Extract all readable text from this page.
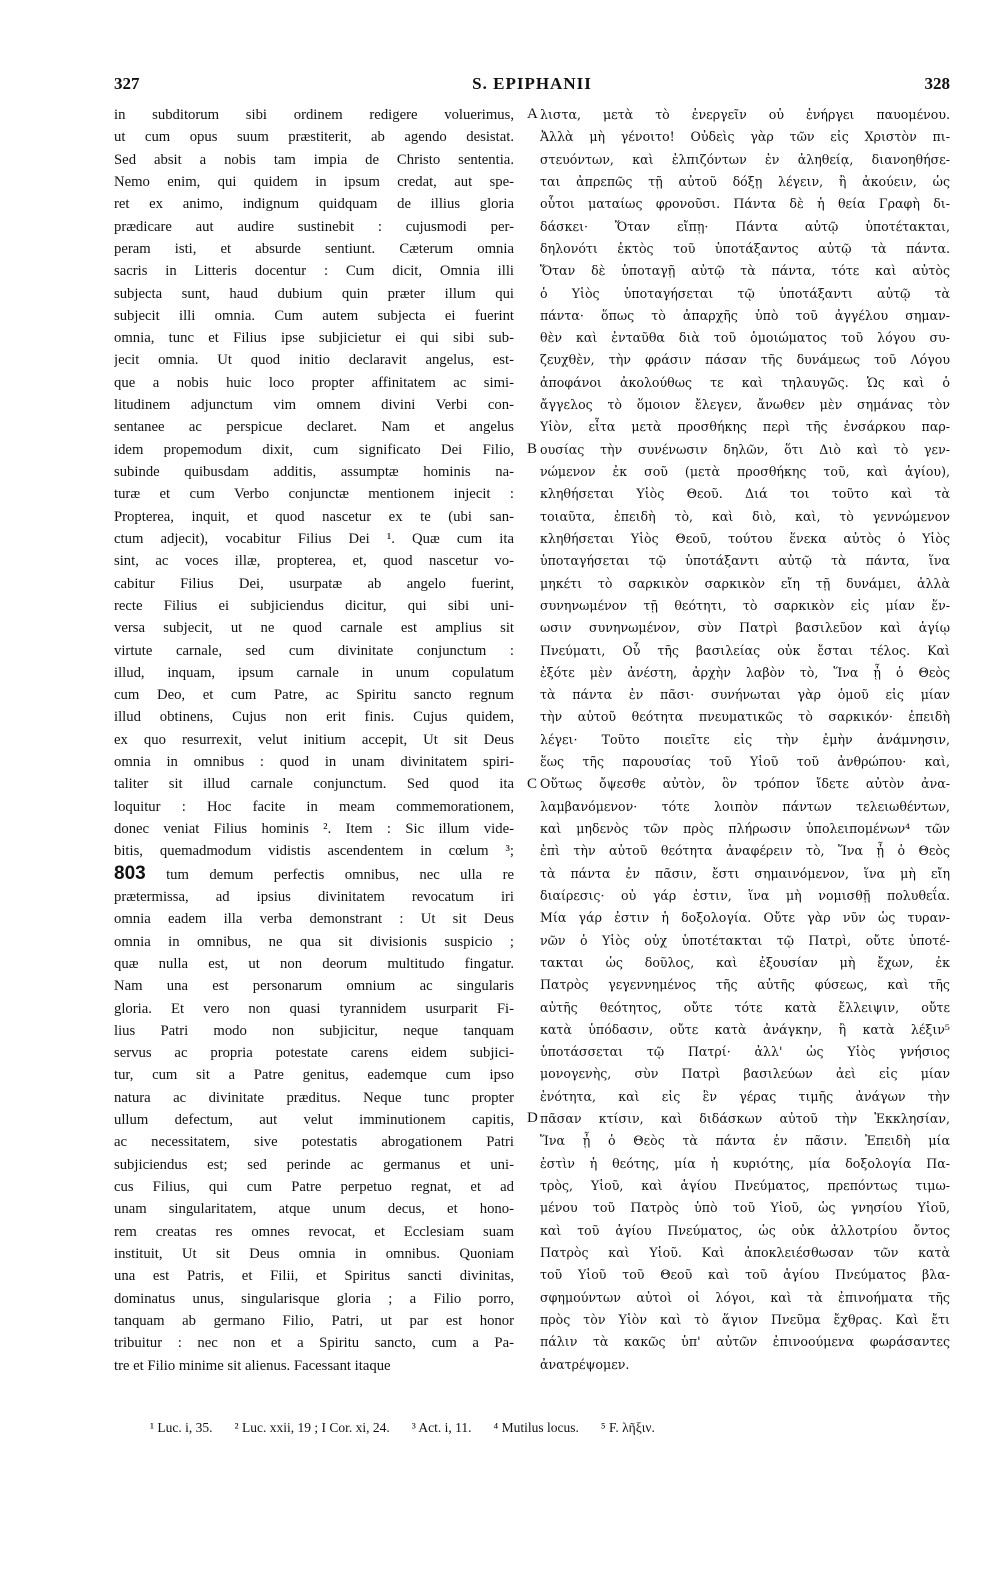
327	S. EPIPHANII	328
in subditorum sibi ordinem redigere voluerimus,
ut cum opus suum præstiterit, ab agendo desistat.
Sed absit a nobis tam impia de Christo sententia.
Nemo enim, qui quidem in ipsum credat, aut spe-
ret ex animo, indignum quidquam de illius gloria
prædicare aut audire sustinebit : cujusmodi per-
peram isti, et absurde sentiunt. Cæterum omnia
sacris in Litteris docentur : Cum dicit, Omnia illi
subjecta sunt, haud dubium quin præter illum qui
subjecit illi omnia. Cum autem subjecta ei fuerint
omnia, tunc et Filius ipse subjicietur ei qui sibi sub-
jecit omnia. Ut quod initio declaravit angelus, est-
que a nobis huic loco propter affinitatem ac simi-
litudinem adjunctum vim omnem divini Verbi con-
sentanee ac perspicue declaret. Nam et angelus
idem propemodum dixit, cum significato Dei Filio,
subinde quibusdam additis, assumptæ hominis na-
turæ et cum Verbo conjunctæ mentionem injecit :
Propterea, inquit, et quod nascetur ex te (ubi san-
ctum adjecit), vocabitur Filius Dei ¹. Quæ cum ita
sint, ac voces illæ, propterea, et, quod nascetur vo-
cabitur Filius Dei, usurpatæ ab angelo fuerint,
recte Filius ei subjiciendus dicitur, qui sibi uni-
versa subjecit, ut ne quod carnale est amplius sit
virtute carnale, sed cum divinitate conjunctum :
illud, inquam, ipsum carnale in unum copulatum
cum Deo, et cum Patre, ac Spiritu sancto regnum
illud obtinens, Cujus non erit finis. Cujus quidem,
ex quo resurrexit, velut initium accepit, Ut sit Deus
omnia in omnibus : quod in unam divinitatem spiri-
taliter sit illud carnale conjunctum. Sed quod ita
loquitur : Hoc facite in meam commemorationem,
donec veniat Filius hominis ². Item : Sic illum vide-
bitis, quemadmodum vidistis ascendentem in cœlum ³;
803 tum demum perfectis omnibus, nec ulla re
prætermissa, ad ipsius divinitatem revocatum iri
omnia eadem illa verba demonstrant : Ut sit Deus
omnia in omnibus, ne qua sit divisionis suspicio ;
quæ nulla est, ut non deorum multitudo fingatur.
Nam una est personarum omnium ac singularis
gloria. Et vero non quasi tyrannidem usurparit Fi-
lius Patri modo non subjicitur, neque tanquam
servus ac propria potestate carens eidem subjici-
tur, cum sit a Patre genitus, eademque cum ipso
natura ac divinitate præditus. Neque tunc propter
ullum defectum, aut velut imminutionem capitis,
ac necessitatem, sive potestatis abrogationem Patri
subjiciendus est; sed perinde ac germanus et uni-
cus Filius, qui cum Patre perpetuo regnat, et ad
unam singularitatem, atque unum decus, et hono-
rem creatas res omnes revocat, et Ecclesiam suam
instituit, Ut sit Deus omnia in omnibus. Quoniam
una est Patris, et Filii, et Spiritus sancti divinitas,
dominatus unus, singularisque gloria ; a Filio porro,
tanquam ab germano Filio, Patri, ut par est honor
tribuitur : nec non et a Spiritu sancto, cum a Pa-
tre et Filio minime sit alienus. Facessant itaque
λιστα, μετὰ τὸ ἐνεργεῖν οὐ ἐνήργει παυομένου.
Ἀλλὰ μὴ γένοιτο! Οὐδεὶς γὰρ τῶν εἰς Χριστὸν πι-
στευόντων, καὶ ἐλπιζόντων ἐν ἀληθείᾳ, διανοηθήσε-
ται ἀπρεπῶς τῇ αὐτοῦ δόξῃ λέγειν, ἢ ἀκούειν, ὡς
οὗτοι ματαίως φρονοῦσι. Πάντα δὲ ἡ θεία Γραφὴ δι-
δάσκει· Ὅταν εἴπῃ· Πάντα αὐτῷ ὑποτέτακται,
δηλονότι ἐκτὸς τοῦ ὑποτάξαντος αὐτῷ τὰ πάντα.
Ὅταν δὲ ὑποταγῇ αὐτῷ τὰ πάντα, τότε καὶ αὐτὸς
ὁ Υἱὸς ὑποταγήσεται τῷ ὑποτάξαντι αὐτῷ τὰ
πάντα· ὅπως τὸ ἀπαρχῆς ὑπὸ τοῦ ἀγγέλου σημαν-
θὲν καὶ ἐνταῦθα διὰ τοῦ ὁμοιώματος τοῦ λόγου συ-
ζευχθὲν, τὴν φράσιν πάσαν τῆς δυνάμεως τοῦ Λόγου
ἀποφάνοι ἀκολούθως τε καὶ τηλαυγῶς. Ὡς καὶ ὁ
ἄγγελος τὸ ὅμοιον ἔλεγεν, ἄνωθεν μὲν σημάνας τὸν
Υἱὸν, εἶτα μετὰ προσθήκης περὶ τῆς ἐνσάρκου παρ-
ουσίας τὴν συνένωσιν δηλῶν, ὅτι Διὸ καὶ τὸ γεν-
νώμενον ἐκ σοῦ (μετὰ προσθήκης τοῦ, καὶ ἁγίου),
κληθήσεται Υἱὸς Θεοῦ. Διά τοι τοῦτο καὶ τὰ
τοιαῦτα, ἐπειδὴ τὸ, καὶ διὸ, καὶ, τὸ γεννώμενον
κληθήσεται Υἱὸς Θεοῦ, τούτου ἕνεκα αὐτὸς ὁ Υἱὸς
ὑποταγήσεται τῷ ὑποτάξαντι αὐτῷ τὰ πάντα, ἵνα
μηκέτι τὸ σαρκικὸν σαρκικὸν εἴη τῇ δυνάμει, ἀλλὰ
συνηνωμένον τῇ θεότητι, τὸ σαρκικὸν εἰς μίαν ἕν-
ωσιν συνηνωμένον, σὺν Πατρὶ βασιλεῦον καὶ ἁγίῳ
Πνεύματι, Οὗ τῆς βασιλείας οὐκ ἔσται τέλος. Καὶ
ἐξότε μὲν ἀνέστη, ἀρχὴν λαβὸν τὸ, Ἵνα ᾖ ὁ Θεὸς
τὰ πάντα ἐν πᾶσι· συνήνωται γὰρ ὁμοῦ εἰς μίαν
τὴν αὐτοῦ θεότητα πνευματικῶς τὸ σαρκικόν· ἐπειδὴ
λέγει· Τοῦτο ποιεῖτε εἰς τὴν ἐμὴν ἀνάμνησιν,
ἕως τῆς παρουσίας τοῦ Υἱοῦ τοῦ ἀνθρώπου· καὶ,
Οὕτως ὄψεσθε αὐτὸν, ὃν τρόπον ἴδετε αὐτὸν ἀνα-
λαμβανόμενον· τότε λοιπὸν πάντων τελειωθέντων,
καὶ μηδενὸς τῶν πρὸς πλήρωσιν ὑπολειπομένων⁴ τῶν
ἐπὶ τὴν αὐτοῦ θεότητα ἀναφέρειν τὸ, Ἵνα ᾖ ὁ Θεὸς
τὰ πάντα ἐν πᾶσιν, ἔστι σημαινόμενον, ἵνα μὴ εἴη
διαίρεσις· οὐ γάρ ἐστιν, ἵνα μὴ νομισθῇ πολυθεΐα.
Μία γάρ ἐστιν ἡ δοξολογία. Οὔτε γὰρ νῦν ὡς τυραν-
νῶν ὁ Υἱὸς οὐχ ὑποτέτακται τῷ Πατρὶ, οὔτε ὑποτέ-
τακται ὡς δοῦλος, καὶ ἐξουσίαν μὴ ἔχων, ἐκ
Πατρὸς γεγεννημένος τῆς αὐτῆς φύσεως, καὶ τῆς
αὐτῆς θεότητος, οὔτε τότε κατὰ ἔλλειψιν, οὔτε
κατὰ ὑπόδασιν, οὔτε κατὰ ἀνάγκην, ἢ κατὰ λέξιν⁵
ὑποτάσσεται τῷ Πατρί· ἀλλ' ὡς Υἱὸς γνήσιος
μονογενὴς, σὺν Πατρὶ βασιλεύων ἀεὶ εἰς μίαν
ἑνότητα, καὶ εἰς ἓν γέρας τιμῆς ἀνάγων τὴν
πᾶσαν κτίσιν, καὶ διδάσκων αὐτοῦ τὴν Ἐκκλησίαν,
Ἵνα ᾖ ὁ Θεὸς τὰ πάντα ἐν πᾶσιν. Ἐπειδὴ μία
ἐστὶν ἡ θεότης, μία ἡ κυριότης, μία δοξολογία Πα-
τρὸς, Υἱοῦ, καὶ ἁγίου Πνεύματος, πρεπόντως τιμω-
μένου τοῦ Πατρὸς ὑπὸ τοῦ Υἱοῦ, ὡς γνησίου Υἱοῦ,
καὶ τοῦ ἁγίου Πνεύματος, ὡς οὐκ ἀλλοτρίου ὄντος
Πατρὸς καὶ Υἱοῦ. Καὶ ἀποκλειέσθωσαν τῶν κατὰ
τοῦ Υἱοῦ τοῦ Θεοῦ καὶ τοῦ ἁγίου Πνεύματος βλα-
σφημούντων αὐτοὶ οἱ λόγοι, καὶ τὰ ἐπινοήματα τῆς
πρὸς τὸν Υἱὸν καὶ τὸ ἅγιον Πνεῦμα ἔχθρας. Καὶ ἔτι
πάλιν τὰ κακῶς ὑπ' αὐτῶν ἐπινοούμενα φωράσαντες
ἀνατρέψομεν.
A
B
C
D
¹ Luc. i, 35. ² Luc. xxii, 19 ; I Cor. xi, 24. ³ Act. i, 11. ⁴ Mutilus locus. ⁵ F. λῆξιν.
